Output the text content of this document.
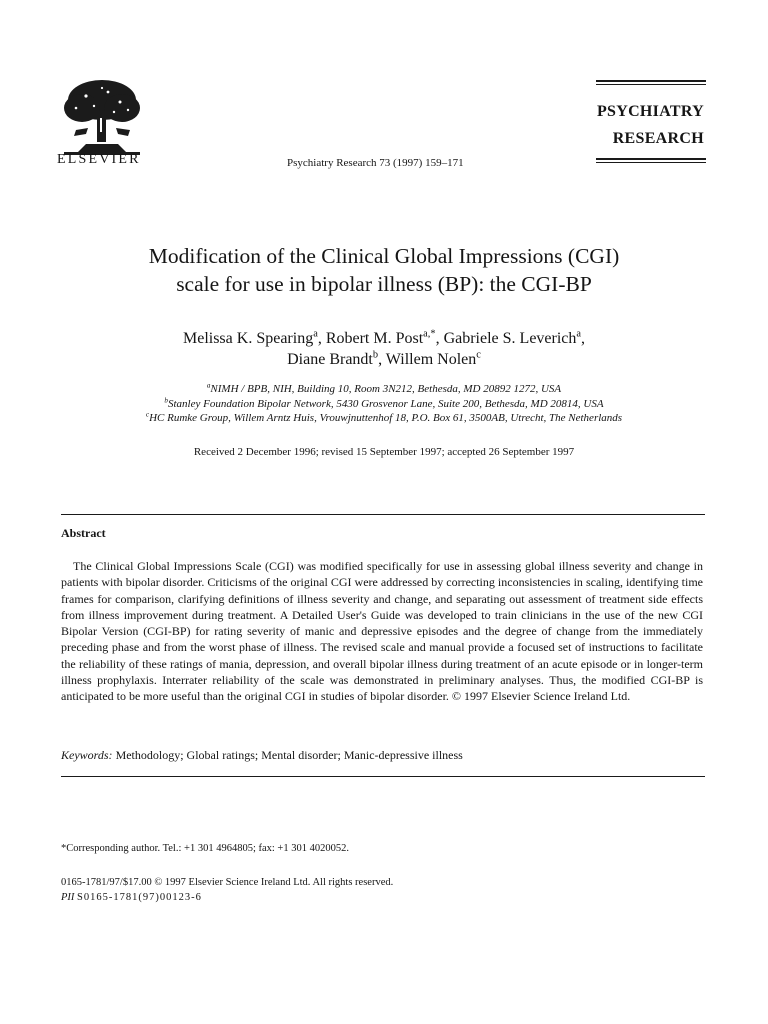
ELSEVIER	Psychiatry Research 73 (1997) 159–171
PSYCHIATRY
RESEARCH
Modification of the Clinical Global Impressions (CGI)
scale for use in bipolar illness (BP): the CGI-BP
Melissa K. Spearing$^a$, Robert M. Post$^{a,*}$, Gabriele S. Leverich$^a$,
Diane Brandt$^b$, Willem Nolen$^c$
$^a$NIMH / BPB, NIH, Building 10, Room 3N212, Bethesda, MD 20892 1272, USA
$^b$Stanley Foundation Bipolar Network, 5430 Grosvenor Lane, Suite 200, Bethesda, MD 20814, USA
$^c$HC Rumke Group, Willem Arntz Huis, Vrouwjnuttenhof 18, P.O. Box 61, 3500AB, Utrecht, The Netherlands
Received 2 December 1996; revised 15 September 1997; accepted 26 September 1997
Abstract
The Clinical Global Impressions Scale (CGI) was modified specifically for use in assessing global illness severity and change in patients with bipolar disorder. Criticisms of the original CGI were addressed by correcting inconsistencies in scaling, identifying time frames for comparison, clarifying definitions of illness severity and change, and separating out assessment of treatment side effects from illness improvement during treatment. A Detailed User's Guide was developed to train clinicians in the use of the new CGI Bipolar Version (CGI-BP) for rating severity of manic and depressive episodes and the degree of change from the immediately preceding phase and from the worst phase of illness. The revised scale and manual provide a focused set of instructions to facilitate the reliability of these ratings of mania, depression, and overall bipolar illness during treatment of an acute episode or in longer-term illness prophylaxis. Interrater reliability of the scale was demonstrated in preliminary analyses. Thus, the modified CGI-BP is anticipated to be more useful than the original CGI in studies of bipolar disorder. © 1997 Elsevier Science Ireland Ltd.
Keywords: Methodology; Global ratings; Mental disorder; Manic-depressive illness
*Corresponding author. Tel.: +1 301 4964805; fax: +1 301 4020052.
0165-1781/97/$17.00 © 1997 Elsevier Science Ireland Ltd. All rights reserved.
PII S0165-1781(97)00123-6
